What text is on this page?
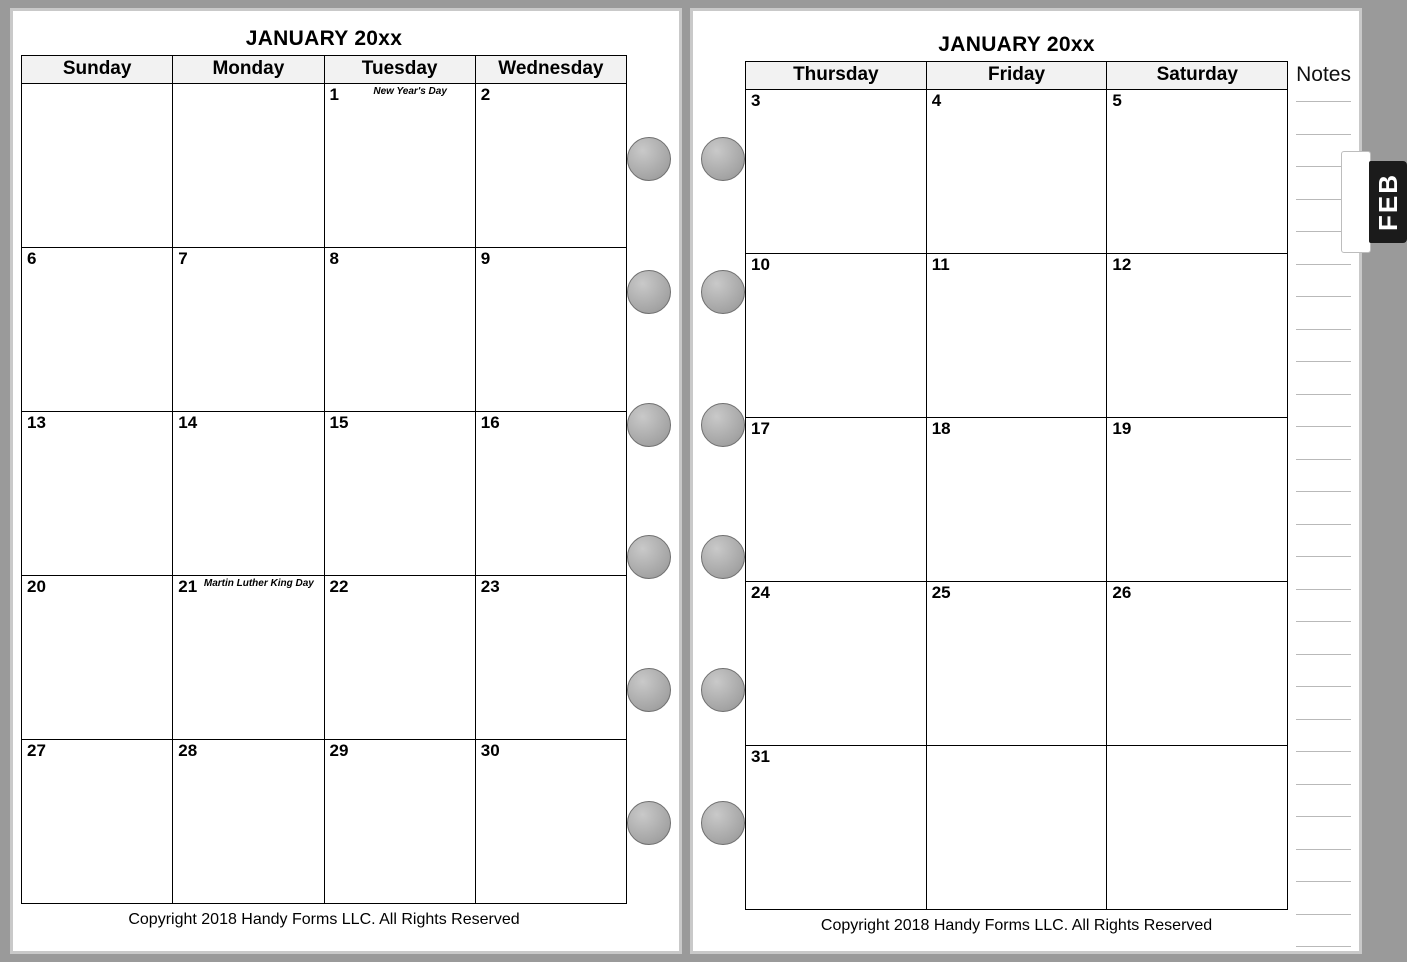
JANUARY 20xx
Sunday	Monday	Tuesday	Wednesday

		1 New Year's Day	2

6	7	8	9

13	14	15	16

20	21 Martin Luther King Day	22	23

27	28	29	30
Copyright 2018 Handy Forms LLC. All Rights Reserved
JANUARY 20xx
Thursday	Friday	Saturday

3	4	5

10	11	12

17	18	19

24	25	26

31		

Copyright 2018 Handy Forms LLC. All Rights Reserved
Notes
FEB
